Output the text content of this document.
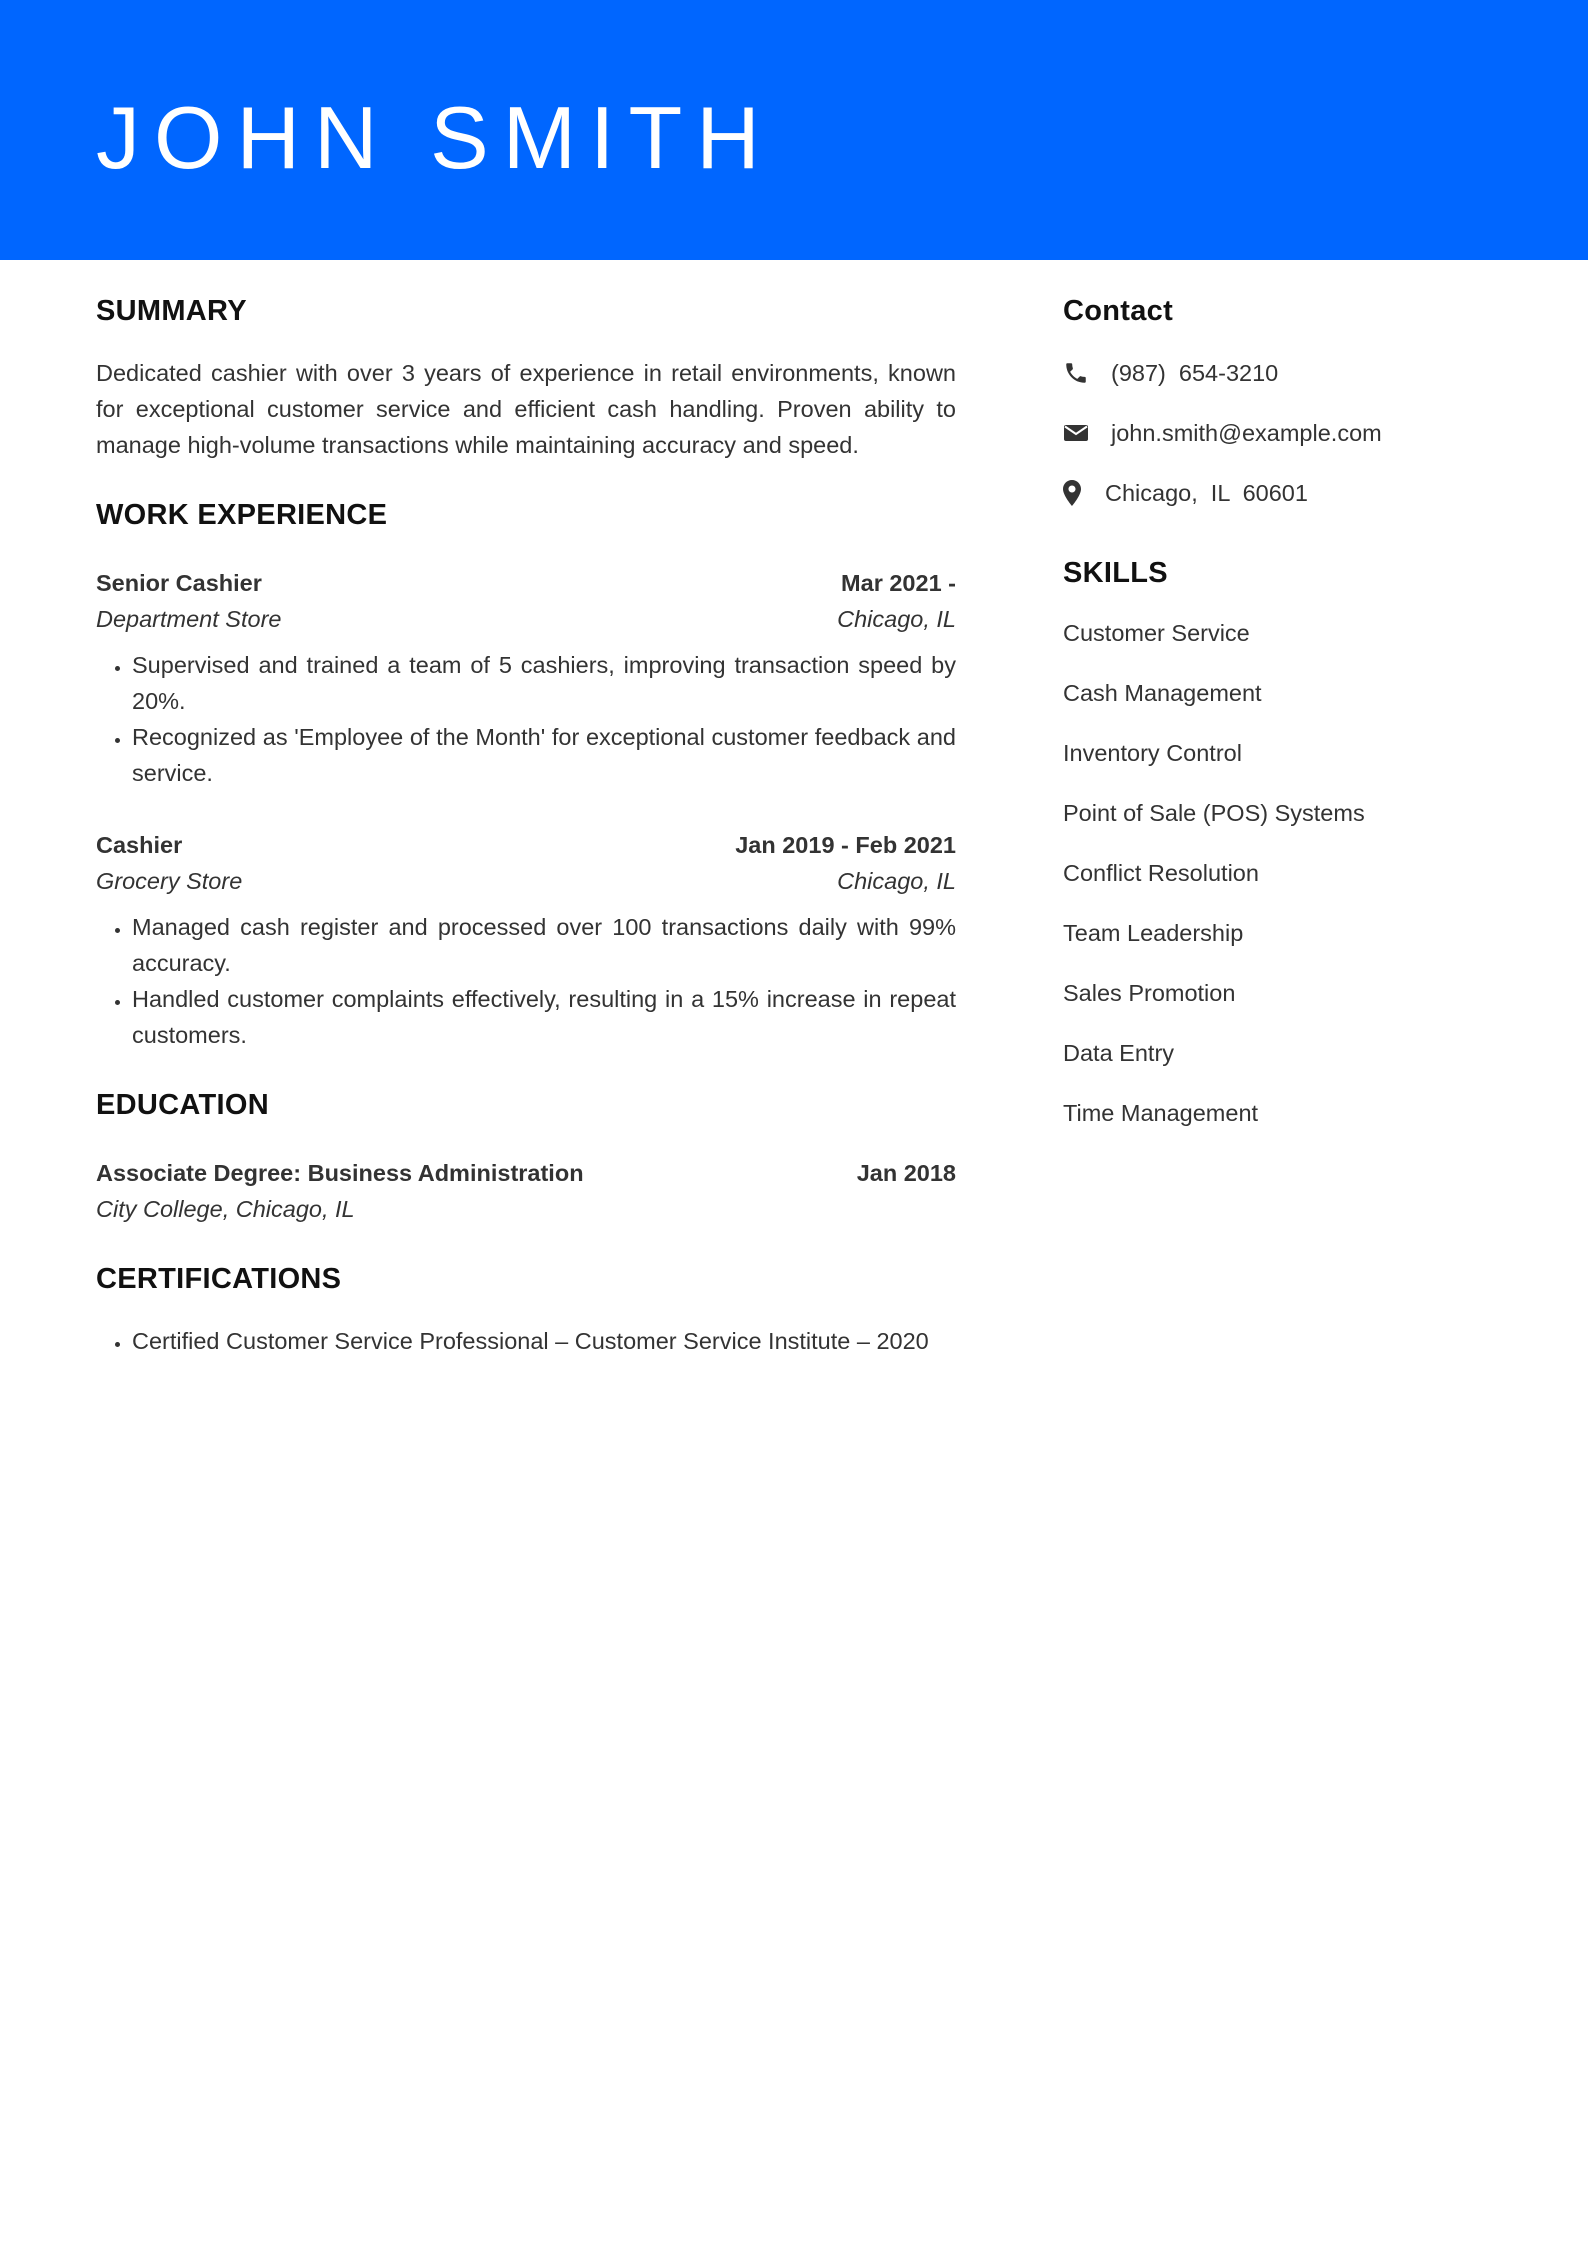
JOHN SMITH
SUMMARY

Dedicated cashier with over 3 years of experience in retail environments, known for exceptional customer service and efficient cash handling. Proven ability to manage high-volume transactions while maintaining accuracy and speed.

WORK EXPERIENCE
Senior Cashier	Mar 2021 -
Department Store	Chicago, IL
• Supervised and trained a team of 5 cashiers, improving transaction speed by 20%.
• Recognized as 'Employee of the Month' for exceptional customer feedback and service.
Cashier	Jan 2019 - Feb 2021
Grocery Store	Chicago, IL
• Managed cash register and processed over 100 transactions daily with 99% accuracy.
• Handled customer complaints effectively, resulting in a 15% increase in repeat customers.
EDUCATION
Associate Degree: Business Administration	Jan 2018
City College, Chicago, IL
CERTIFICATIONS
• Certified Customer Service Professional – Customer Service Institute – 2020
Contact
(987)  654-3210
john.smith@example.com
Chicago,  IL  60601
SKILLS
Customer Service
Cash Management
Inventory Control
Point of Sale (POS) Systems
Conflict Resolution
Team Leadership
Sales Promotion
Data Entry
Time Management
